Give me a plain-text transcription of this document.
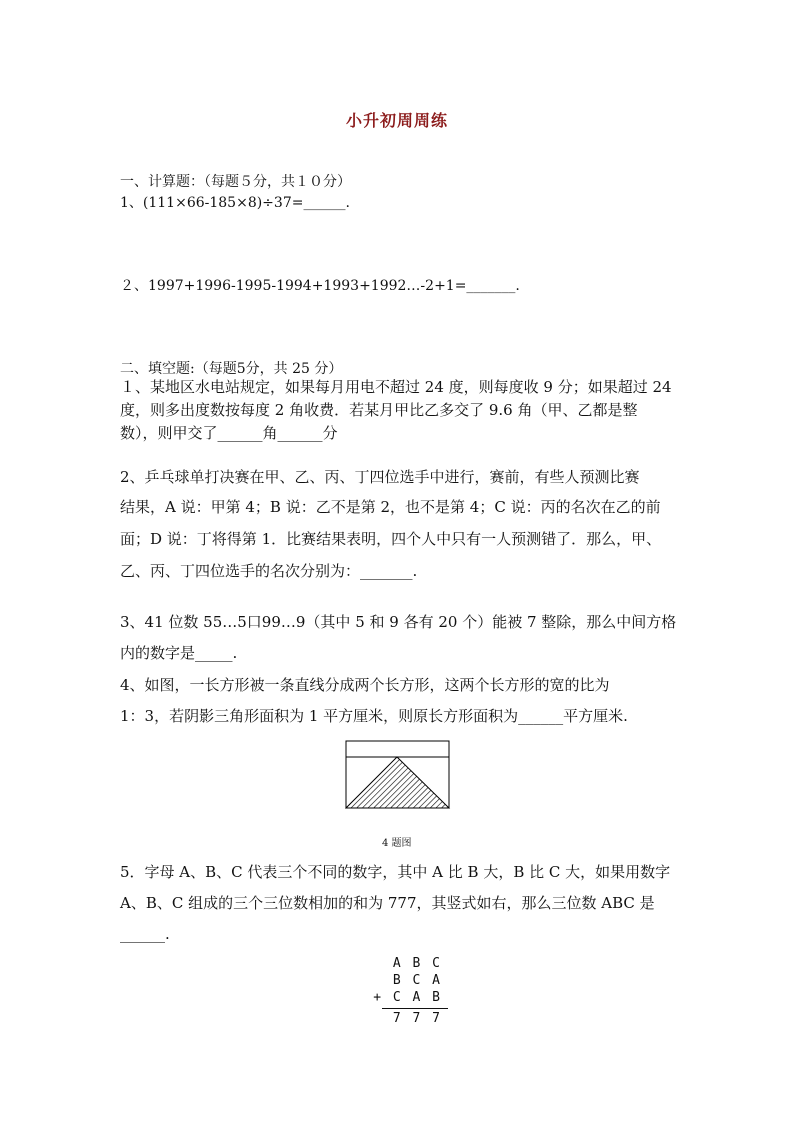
小升初周周练
一、计算题：（每题５分，共１０分）
1、(111×66-185×8)÷37=______.
２、1997+1996-1995-1994+1993+1992…-2+1=_______.
二、填空题:（每题5分，共 25 分）
１、某地区水电站规定，如果每月用电不超过 24 度，则每度收 9 分；如果超过 24
度，则多出度数按每度 2 角收费．若某月甲比乙多交了 9.6 角（甲、乙都是整
数），则甲交了______角______分
2、乒乓球单打决赛在甲、乙、丙、丁四位选手中进行，赛前，有些人预测比赛
结果，A 说：甲第 4；B 说：乙不是第 2，也不是第 4；C 说：丙的名次在乙的前
面；D 说：丁将得第 1．比赛结果表明，四个人中只有一人预测错了．那么，甲、
乙、丙、丁四位选手的名次分别为：_______.
3、41 位数 55…5口99…9（其中 5 和 9 各有 20 个）能被 7 整除，那么中间方格
内的数字是_____.
4、如图，一长方形被一条直线分成两个长方形，这两个长方形的宽的比为
1：3，若阴影三角形面积为 1 平方厘米，则原长方形面积为______平方厘米.
4 题图
5．字母 A、B、C 代表三个不同的数字，其中 A 比 B 大，B 比 C 大，如果用数字
A、B、C 组成的三个三位数相加的和为 777，其竖式如右，那么三位数 ABC 是
______.
A B C
B C A
+ C A B
7 7 7
